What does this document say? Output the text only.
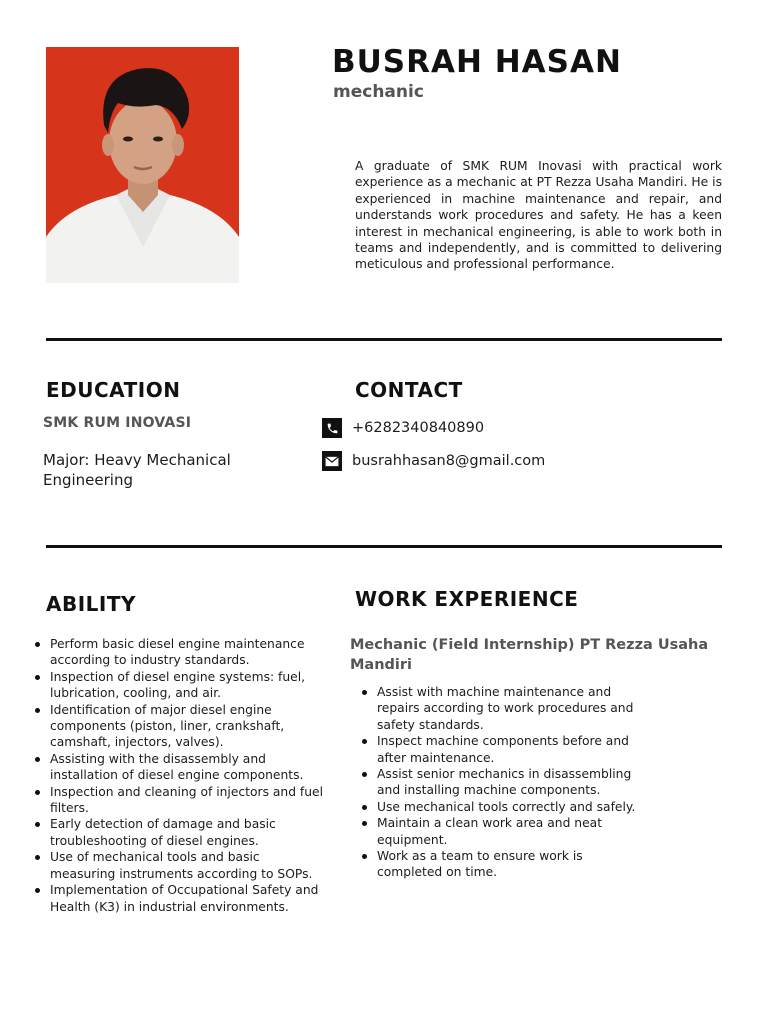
BUSRAH HASAN
mechanic

A graduate of SMK RUM Inovasi with practical work experience as a mechanic at PT Rezza Usaha Mandiri. He is experienced in machine maintenance and repair, and understands work procedures and safety. He has a keen interest in mechanical engineering, is able to work both in teams and independently, and is committed to delivering meticulous and professional performance.

EDUCATION
SMK RUM INOVASI
Major: Heavy Mechanical Engineering
CONTACT
+6282340840890
busrahhasan8@gmail.com
ABILITY
Perform basic diesel engine maintenance according to industry standards.
Inspection of diesel engine systems: fuel, lubrication, cooling, and air.
Identification of major diesel engine components (piston, liner, crankshaft, camshaft, injectors, valves).
Assisting with the disassembly and installation of diesel engine components.
Inspection and cleaning of injectors and fuel filters.
Early detection of damage and basic troubleshooting of diesel engines.
Use of mechanical tools and basic measuring instruments according to SOPs.
Implementation of Occupational Safety and Health (K3) in industrial environments.
WORK EXPERIENCE
Mechanic (Field Internship) PT Rezza Usaha Mandiri
Assist with machine maintenance and repairs according to work procedures and safety standards.
Inspect machine components before and after maintenance.
Assist senior mechanics in disassembling and installing machine components.
Use mechanical tools correctly and safely.
Maintain a clean work area and neat equipment.
Work as a team to ensure work is completed on time.
